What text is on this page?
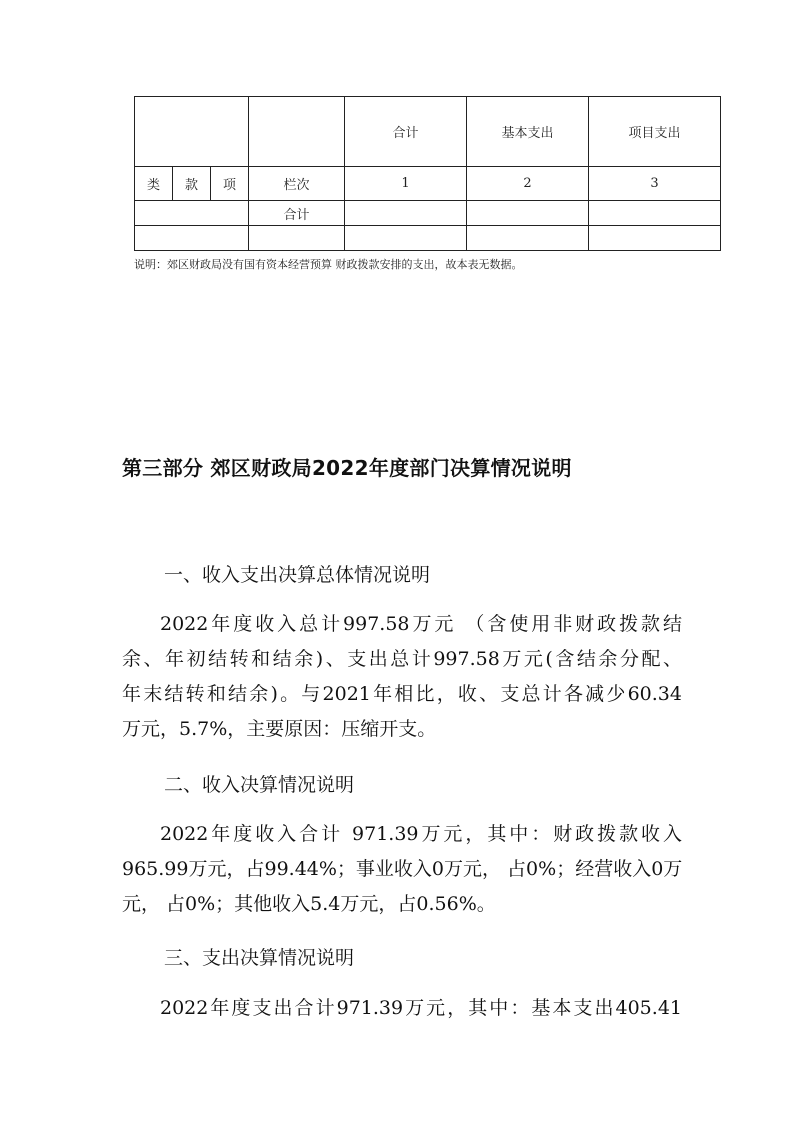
				合计	基本支出	项目支出
类	款	项	栏次	1	2	3
			合计			

说明：郊区财政局没有国有资本经营预算 财政拨款安排的支出，故本表无数据。
第三部分 郊区财政局2022年度部门决算情况说明
一、收入支出决算总体情况说明
2022年度收入总计997.58万元 （含使用非财政拨款结
余、年初结转和结余)、支出总计997.58万元(含结余分配、
年末结转和结余)。与2021年相比，收、支总计各减少60.34
万元，5.7%，主要原因：压缩开支。
二、收入决算情况说明
2022年度收入合计 971.39万元，其中：财政拨款收入
965.99万元，占99.44%；事业收入0万元， 占0%；经营收入0万
元， 占0%；其他收入5.4万元，占0.56%。
三、支出决算情况说明
2022年度支出合计971.39万元，其中：基本支出405.41
